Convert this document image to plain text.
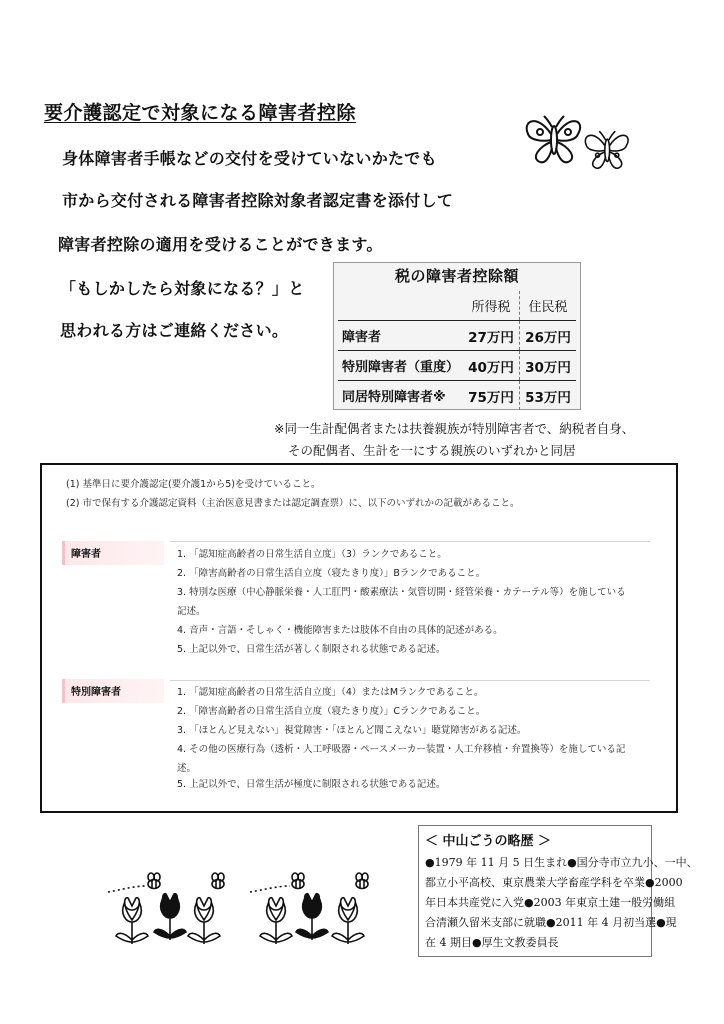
要介護認定で対象になる障害者控除
身体障害者手帳などの交付を受けていないかたでも
市から交付される障害者控除対象者認定書を添付して
障害者控除の適用を受けることができます。
「もしかしたら対象になる？」と
思われる方はご連絡ください。
税の障害者控除額
	所得税	住民税
障害者	27万円	26万円
特別障害者（重度）	40万円	30万円
同居特別障害者※	75万円	53万円
※同一生計配偶者または扶養親族が特別障害者で、納税者自身、
その配偶者、生計を一にする親族のいずれかと同居
(1) 基準日に要介護認定(要介護1から5)を受けていること。
(2) 市で保有する介護認定資料（主治医意見書または認定調査票）に、以下のいずれかの記載があること。
障害者	1. 「認知症高齢者の日常生活自立度」（3）ランクであること。
2. 「障害高齢者の日常生活自立度（寝たきり度）」Bランクであること。
3. 特別な医療（中心静脈栄養・人工肛門・酸素療法・気管切開・経管栄養・カテーテル等）を施している
記述。
4. 音声・言語・そしゃく・機能障害または肢体不自由の具体的記述がある。
5. 上記以外で、日常生活が著しく制限される状態である記述。
特別障害者	1. 「認知症高齢者の日常生活自立度」（4）またはMランクであること。
2. 「障害高齢者の日常生活自立度（寝たきり度）」Cランクであること。
3. 「ほとんど見えない」視覚障害・「ほとんど聞こえない」聴覚障害がある記述。
4. その他の医療行為（透析・人工呼吸器・ペースメーカー装置・人工弁移植・弁置換等）を施している記
述。
5. 上記以外で、日常生活が極度に制限される状態である記述。
＜ 中山ごうの略歴 ＞
●1979 年 11 月 5 日生まれ●国分寺市立九小、一中、
都立小平高校、東京農業大学畜産学科を卒業●2000
年日本共産党に入党●2003 年東京土建一般労働組
合清瀬久留米支部に就職●2011 年 4 月初当選●現
在 4 期目●厚生文教委員長
